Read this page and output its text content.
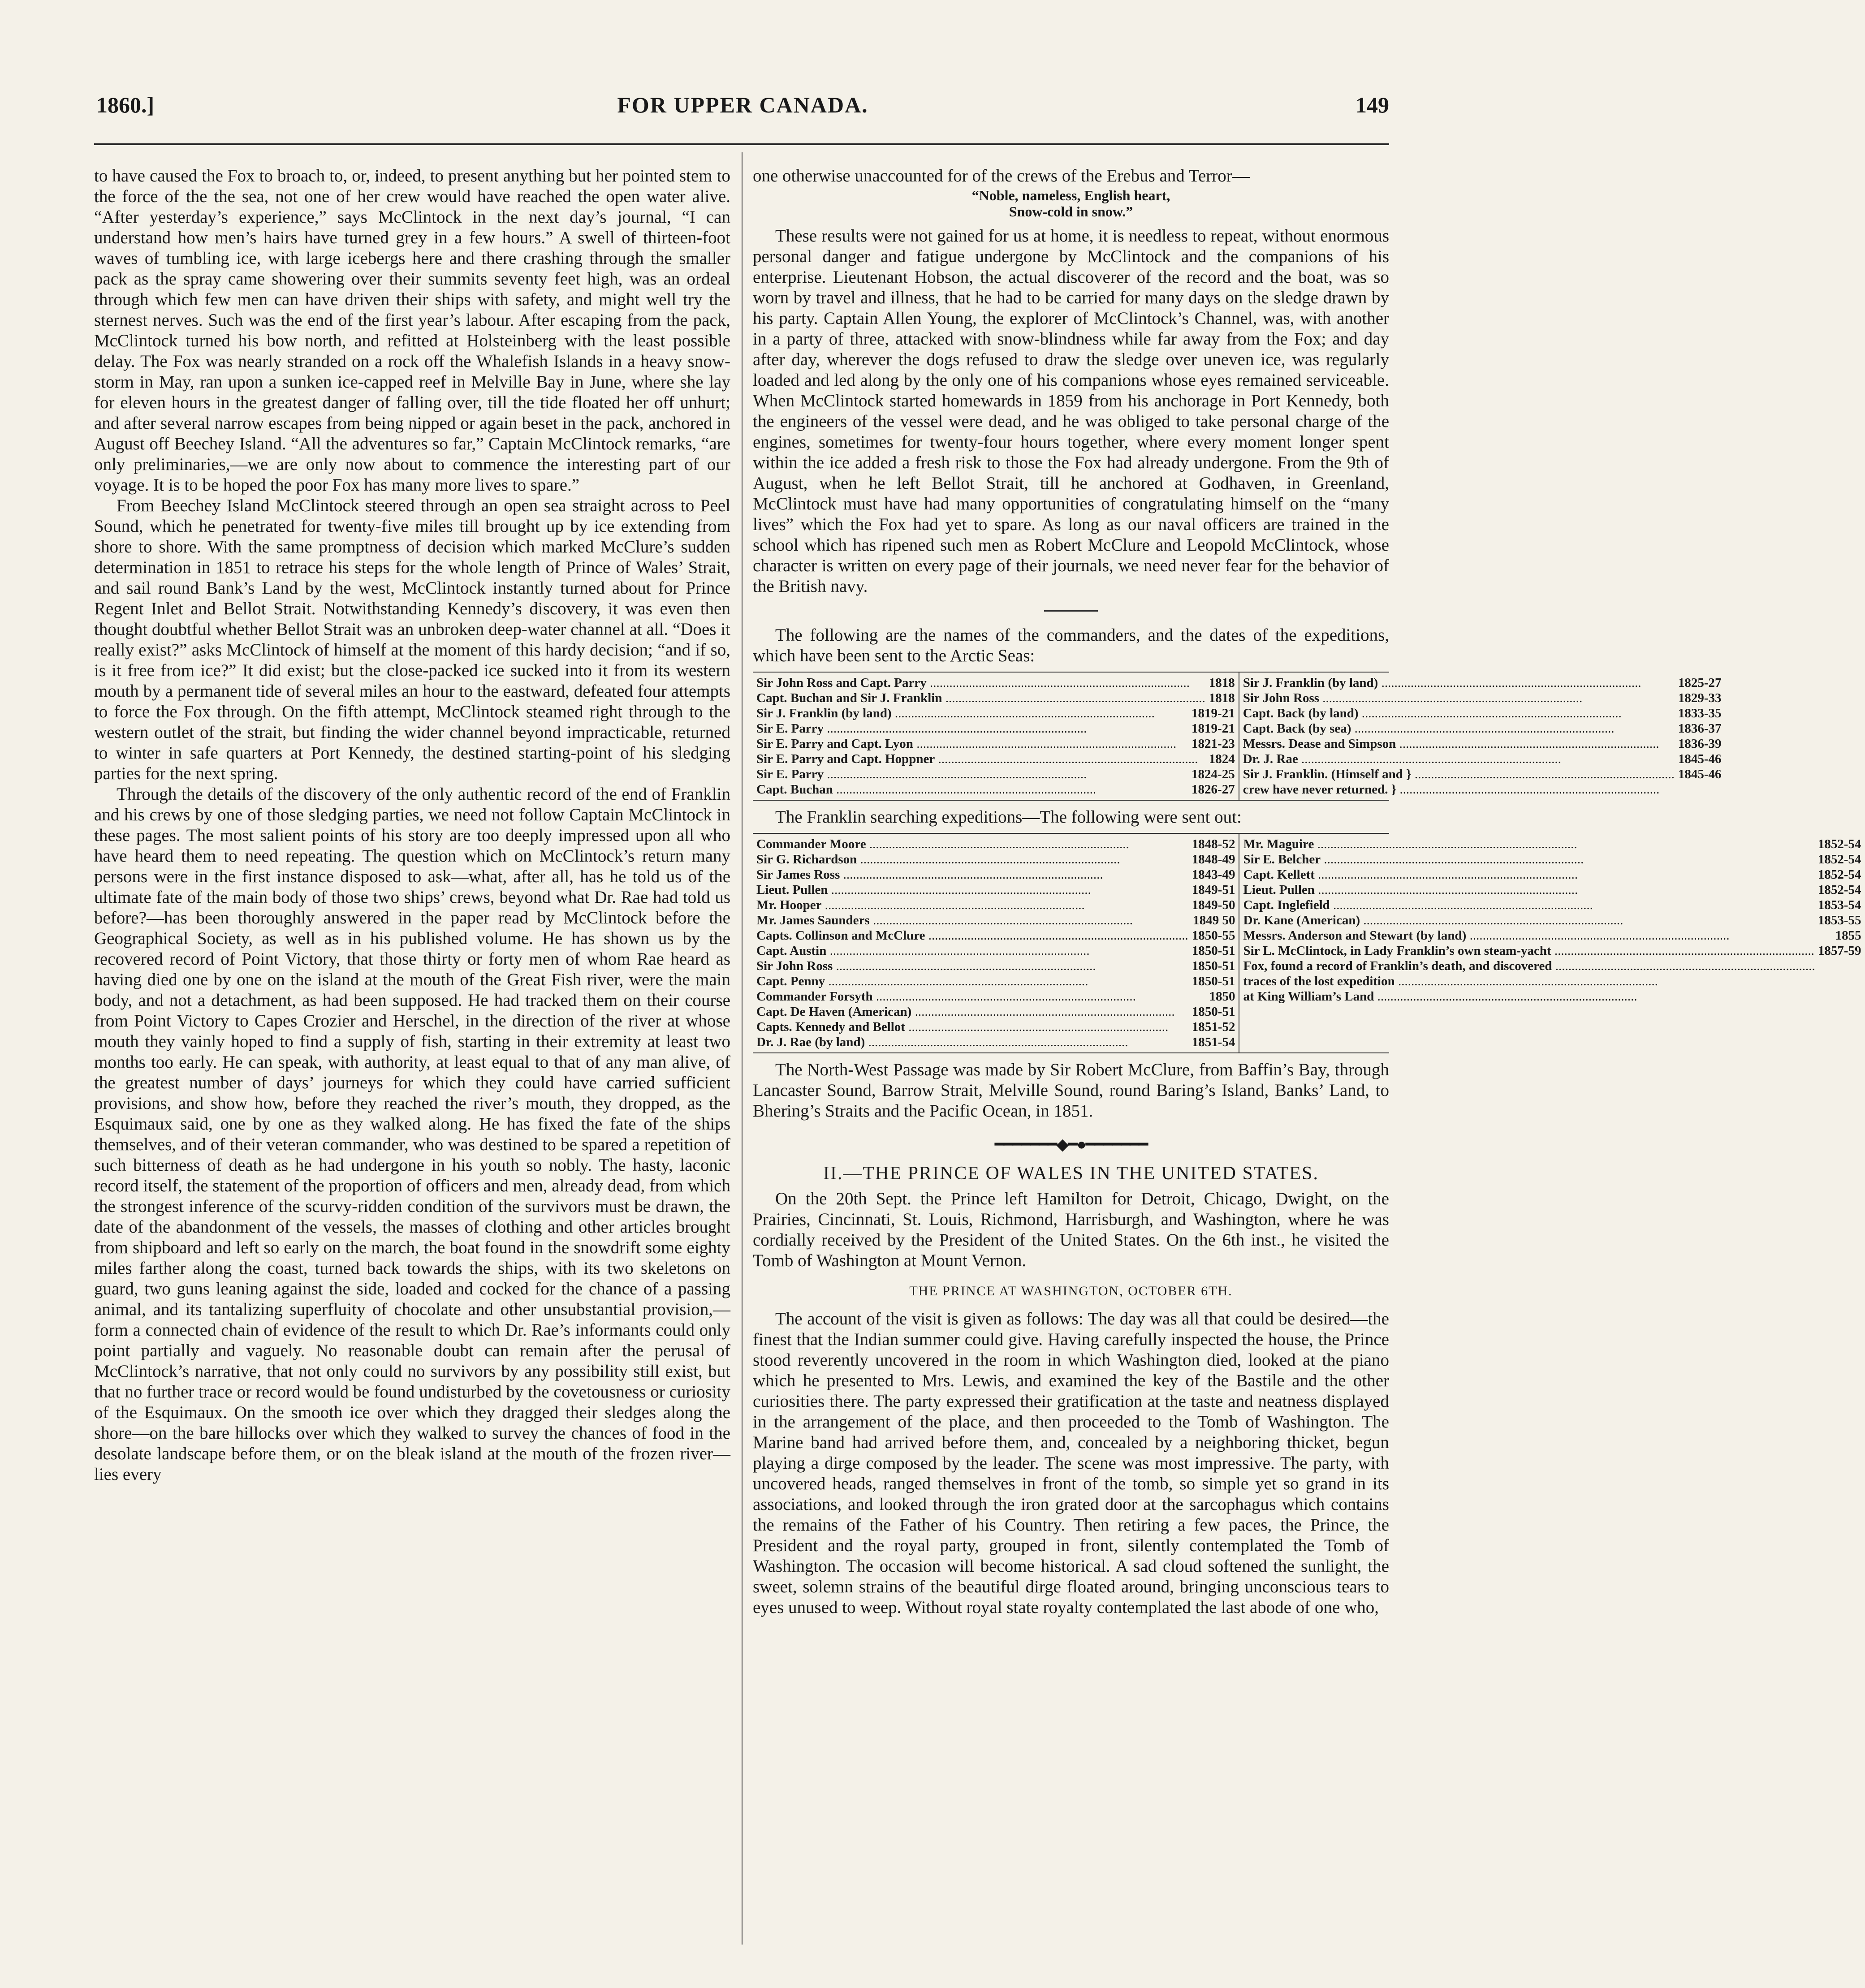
1860.]	FOR UPPER CANADA.	149

to have caused the Fox to broach to, or, indeed, to present anything but her pointed stem to the force of the the sea, not one of her crew would have reached the open water alive. “After yesterday’s experience,” says McClintock in the next day’s journal, “I can understand how men’s hairs have turned grey in a few hours.” A swell of thirteen-foot waves of tumbling ice, with large icebergs here and there crashing through the smaller pack as the spray came showering over their summits seventy feet high, was an ordeal through which few men can have driven their ships with safety, and might well try the sternest nerves. Such was the end of the first year’s labour. After escaping from the pack, McClintock turned his bow north, and refitted at Holsteinberg with the least possible delay. The Fox was nearly stranded on a rock off the Whalefish Islands in a heavy snow-storm in May, ran upon a sunken ice-capped reef in Melville Bay in June, where she lay for eleven hours in the greatest danger of falling over, till the tide floated her off unhurt; and after several narrow escapes from being nipped or again beset in the pack, anchored in August off Beechey Island. “All the adventures so far,” Captain McClintock remarks, “are only preliminaries,—we are only now about to commence the interesting part of our voyage. It is to be hoped the poor Fox has many more lives to spare.”

From Beechey Island McClintock steered through an open sea straight across to Peel Sound, which he penetrated for twenty-five miles till brought up by ice extending from shore to shore. With the same promptness of decision which marked McClure’s sudden determination in 1851 to retrace his steps for the whole length of Prince of Wales’ Strait, and sail round Bank’s Land by the west, McClintock instantly turned about for Prince Regent Inlet and Bellot Strait. Notwithstanding Kennedy’s discovery, it was even then thought doubtful whether Bellot Strait was an unbroken deep-water channel at all. “Does it really exist?” asks McClintock of himself at the moment of this hardy decision; “and if so, is it free from ice?” It did exist; but the close-packed ice sucked into it from its western mouth by a permanent tide of several miles an hour to the eastward, defeated four attempts to force the Fox through. On the fifth attempt, McClintock steamed right through to the western outlet of the strait, but finding the wider channel beyond impracticable, returned to winter in safe quarters at Port Kennedy, the destined starting-point of his sledging parties for the next spring.

Through the details of the discovery of the only authentic record of the end of Franklin and his crews by one of those sledging parties, we need not follow Captain McClintock in these pages. The most salient points of his story are too deeply impressed upon all who have heard them to need repeating. The question which on McClintock’s return many persons were in the first instance disposed to ask—what, after all, has he told us of the ultimate fate of the main body of those two ships’ crews, beyond what Dr. Rae had told us before?—has been thoroughly answered in the paper read by McClintock before the Geographical Society, as well as in his published volume. He has shown us by the recovered record of Point Victory, that those thirty or forty men of whom Rae heard as having died one by one on the island at the mouth of the Great Fish river, were the main body, and not a detachment, as had been supposed. He had tracked them on their course from Point Victory to Capes Crozier and Herschel, in the direction of the river at whose mouth they vainly hoped to find a supply of fish, starting in their extremity at least two months too early. He can speak, with authority, at least equal to that of any man alive, of the greatest number of days’ journeys for which they could have carried sufficient provisions, and show how, before they reached the river’s mouth, they dropped, as the Esquimaux said, one by one as they walked along. He has fixed the fate of the ships themselves, and of their veteran commander, who was destined to be spared a repetition of such bitterness of death as he had undergone in his youth so nobly. The hasty, laconic record itself, the statement of the proportion of officers and men, already dead, from which the strongest inference of the scurvy-ridden condition of the survivors must be drawn, the date of the abandonment of the vessels, the masses of clothing and other articles brought from shipboard and left so early on the march, the boat found in the snowdrift some eighty miles farther along the coast, turned back towards the ships, with its two skeletons on guard, two guns leaning against the side, loaded and cocked for the chance of a passing animal, and its tantalizing superfluity of chocolate and other unsubstantial provision,—form a connected chain of evidence of the result to which Dr. Rae’s informants could only point partially and vaguely. No reasonable doubt can remain after the perusal of McClintock’s narrative, that not only could no survivors by any possibility still exist, but that no further trace or record would be found undisturbed by the covetousness or curiosity of the Esquimaux. On the smooth ice over which they dragged their sledges along the shore—on the bare hillocks over which they walked to survey the chances of food in the desolate landscape before them, or on the bleak island at the mouth of the frozen river—lies every

one otherwise unaccounted for of the crews of the Erebus and Terror—

“Noble, nameless, English heart,
Snow-cold in snow.”

These results were not gained for us at home, it is needless to repeat, without enormous personal danger and fatigue undergone by McClintock and the companions of his enterprise. Lieutenant Hobson, the actual discoverer of the record and the boat, was so worn by travel and illness, that he had to be carried for many days on the sledge drawn by his party. Captain Allen Young, the explorer of McClintock’s Channel, was, with another in a party of three, attacked with snow-blindness while far away from the Fox; and day after day, wherever the dogs refused to draw the sledge over uneven ice, was regularly loaded and led along by the only one of his companions whose eyes remained serviceable. When McClintock started homewards in 1859 from his anchorage in Port Kennedy, both the engineers of the vessel were dead, and he was obliged to take personal charge of the engines, sometimes for twenty-four hours together, where every moment longer spent within the ice added a fresh risk to those the Fox had already undergone. From the 9th of August, when he left Bellot Strait, till he anchored at Godhaven, in Greenland, McClintock must have had many opportunities of congratulating himself on the “many lives” which the Fox had yet to spare. As long as our naval officers are trained in the school which has ripened such men as Robert McClure and Leopold McClintock, whose character is written on every page of their journals, we need never fear for the behavior of the British navy.

The following are the names of the commanders, and the dates of the expeditions, which have been sent to the Arctic Seas:

Sir John Ross and Capt. Parry .....	1818
Capt. Buchan and Sir J. Franklin .....	1818
Sir J. Franklin (by land) .....	1819-21
Sir E. Parry .....	1819-21
Sir E. Parry and Capt. Lyon .....	1821-23
Sir E. Parry and Capt. Hoppner .....	1824
Sir E. Parry .....	1824-25
Capt. Buchan .....	1826-27
Sir J. Franklin (by land) .....	1825-27
Sir John Ross .....	1829-33
Capt. Back (by land) .....	1833-35
Capt. Back (by sea) .....	1836-37
Messrs. Dease and Simpson .....	1836-39
Dr. J. Rae .....	1845-46
Sir J. Franklin. (Himself and } .....	1845-46
crew have never returned. } .....

The Franklin searching expeditions—The following were sent out:

Commander Moore .....	1848-52
Sir G. Richardson .....	1848-49
Sir James Ross .....	1843-49
Lieut. Pullen .....	1849-51
Mr. Hooper .....	1849-50
Mr. James Saunders .....	1849 50
Capts. Collinson and McClure .....	1850-55
Capt. Austin .....	1850-51
Sir John Ross .....	1850-51
Capt. Penny .....	1850-51
Commander Forsyth .....	1850
Capt. De Haven (American) .....	1850-51
Capts. Kennedy and Bellot .....	1851-52
Dr. J. Rae (by land) .....	1851-54
Mr. Maguire .....	1852-54
Sir E. Belcher .....	1852-54
Capt. Kellett .....	1852-54
Lieut. Pullen .....	1852-54
Capt. Inglefield .....	1853-54
Dr. Kane (American) .....	1853-55
Messrs. Anderson and Stewart (by land) .....	1855
Sir L. McClintock, in Lady Franklin’s own steam-yacht .....	1857-59
Fox, found a record of Franklin’s death, and discovered .....
traces of the lost expedition .....
at King William’s Land .....

The North-West Passage was made by Sir Robert McClure, from Baffin’s Bay, through Lancaster Sound, Barrow Strait, Melville Sound, round Baring’s Island, Banks’ Land, to Bhering’s Straits and the Pacific Ocean, in 1851.

━━━━━━━◆━●━━━━━━━
II.—THE PRINCE OF WALES IN THE UNITED STATES.

On the 20th Sept. the Prince left Hamilton for Detroit, Chicago, Dwight, on the Prairies, Cincinnati, St. Louis, Richmond, Harrisburgh, and Washington, where he was cordially received by the President of the United States. On the 6th inst., he visited the Tomb of Washington at Mount Vernon.

THE PRINCE AT WASHINGTON, OCTOBER 6TH.

The account of the visit is given as follows: The day was all that could be desired—the finest that the Indian summer could give. Having carefully inspected the house, the Prince stood reverently uncovered in the room in which Washington died, looked at the piano which he presented to Mrs. Lewis, and examined the key of the Bastile and the other curiosities there. The party expressed their gratification at the taste and neatness displayed in the arrangement of the place, and then proceeded to the Tomb of Washington. The Marine band had arrived before them, and, concealed by a neighboring thicket, begun playing a dirge composed by the leader. The scene was most impressive. The party, with uncovered heads, ranged themselves in front of the tomb, so simple yet so grand in its associations, and looked through the iron grated door at the sarcophagus which contains the remains of the Father of his Country. Then retiring a few paces, the Prince, the President and the royal party, grouped in front, silently contemplated the Tomb of Washington. The occasion will become historical. A sad cloud softened the sunlight, the sweet, solemn strains of the beautiful dirge floated around, bringing unconscious tears to eyes unused to weep. Without royal state royalty contemplated the last abode of one who,
